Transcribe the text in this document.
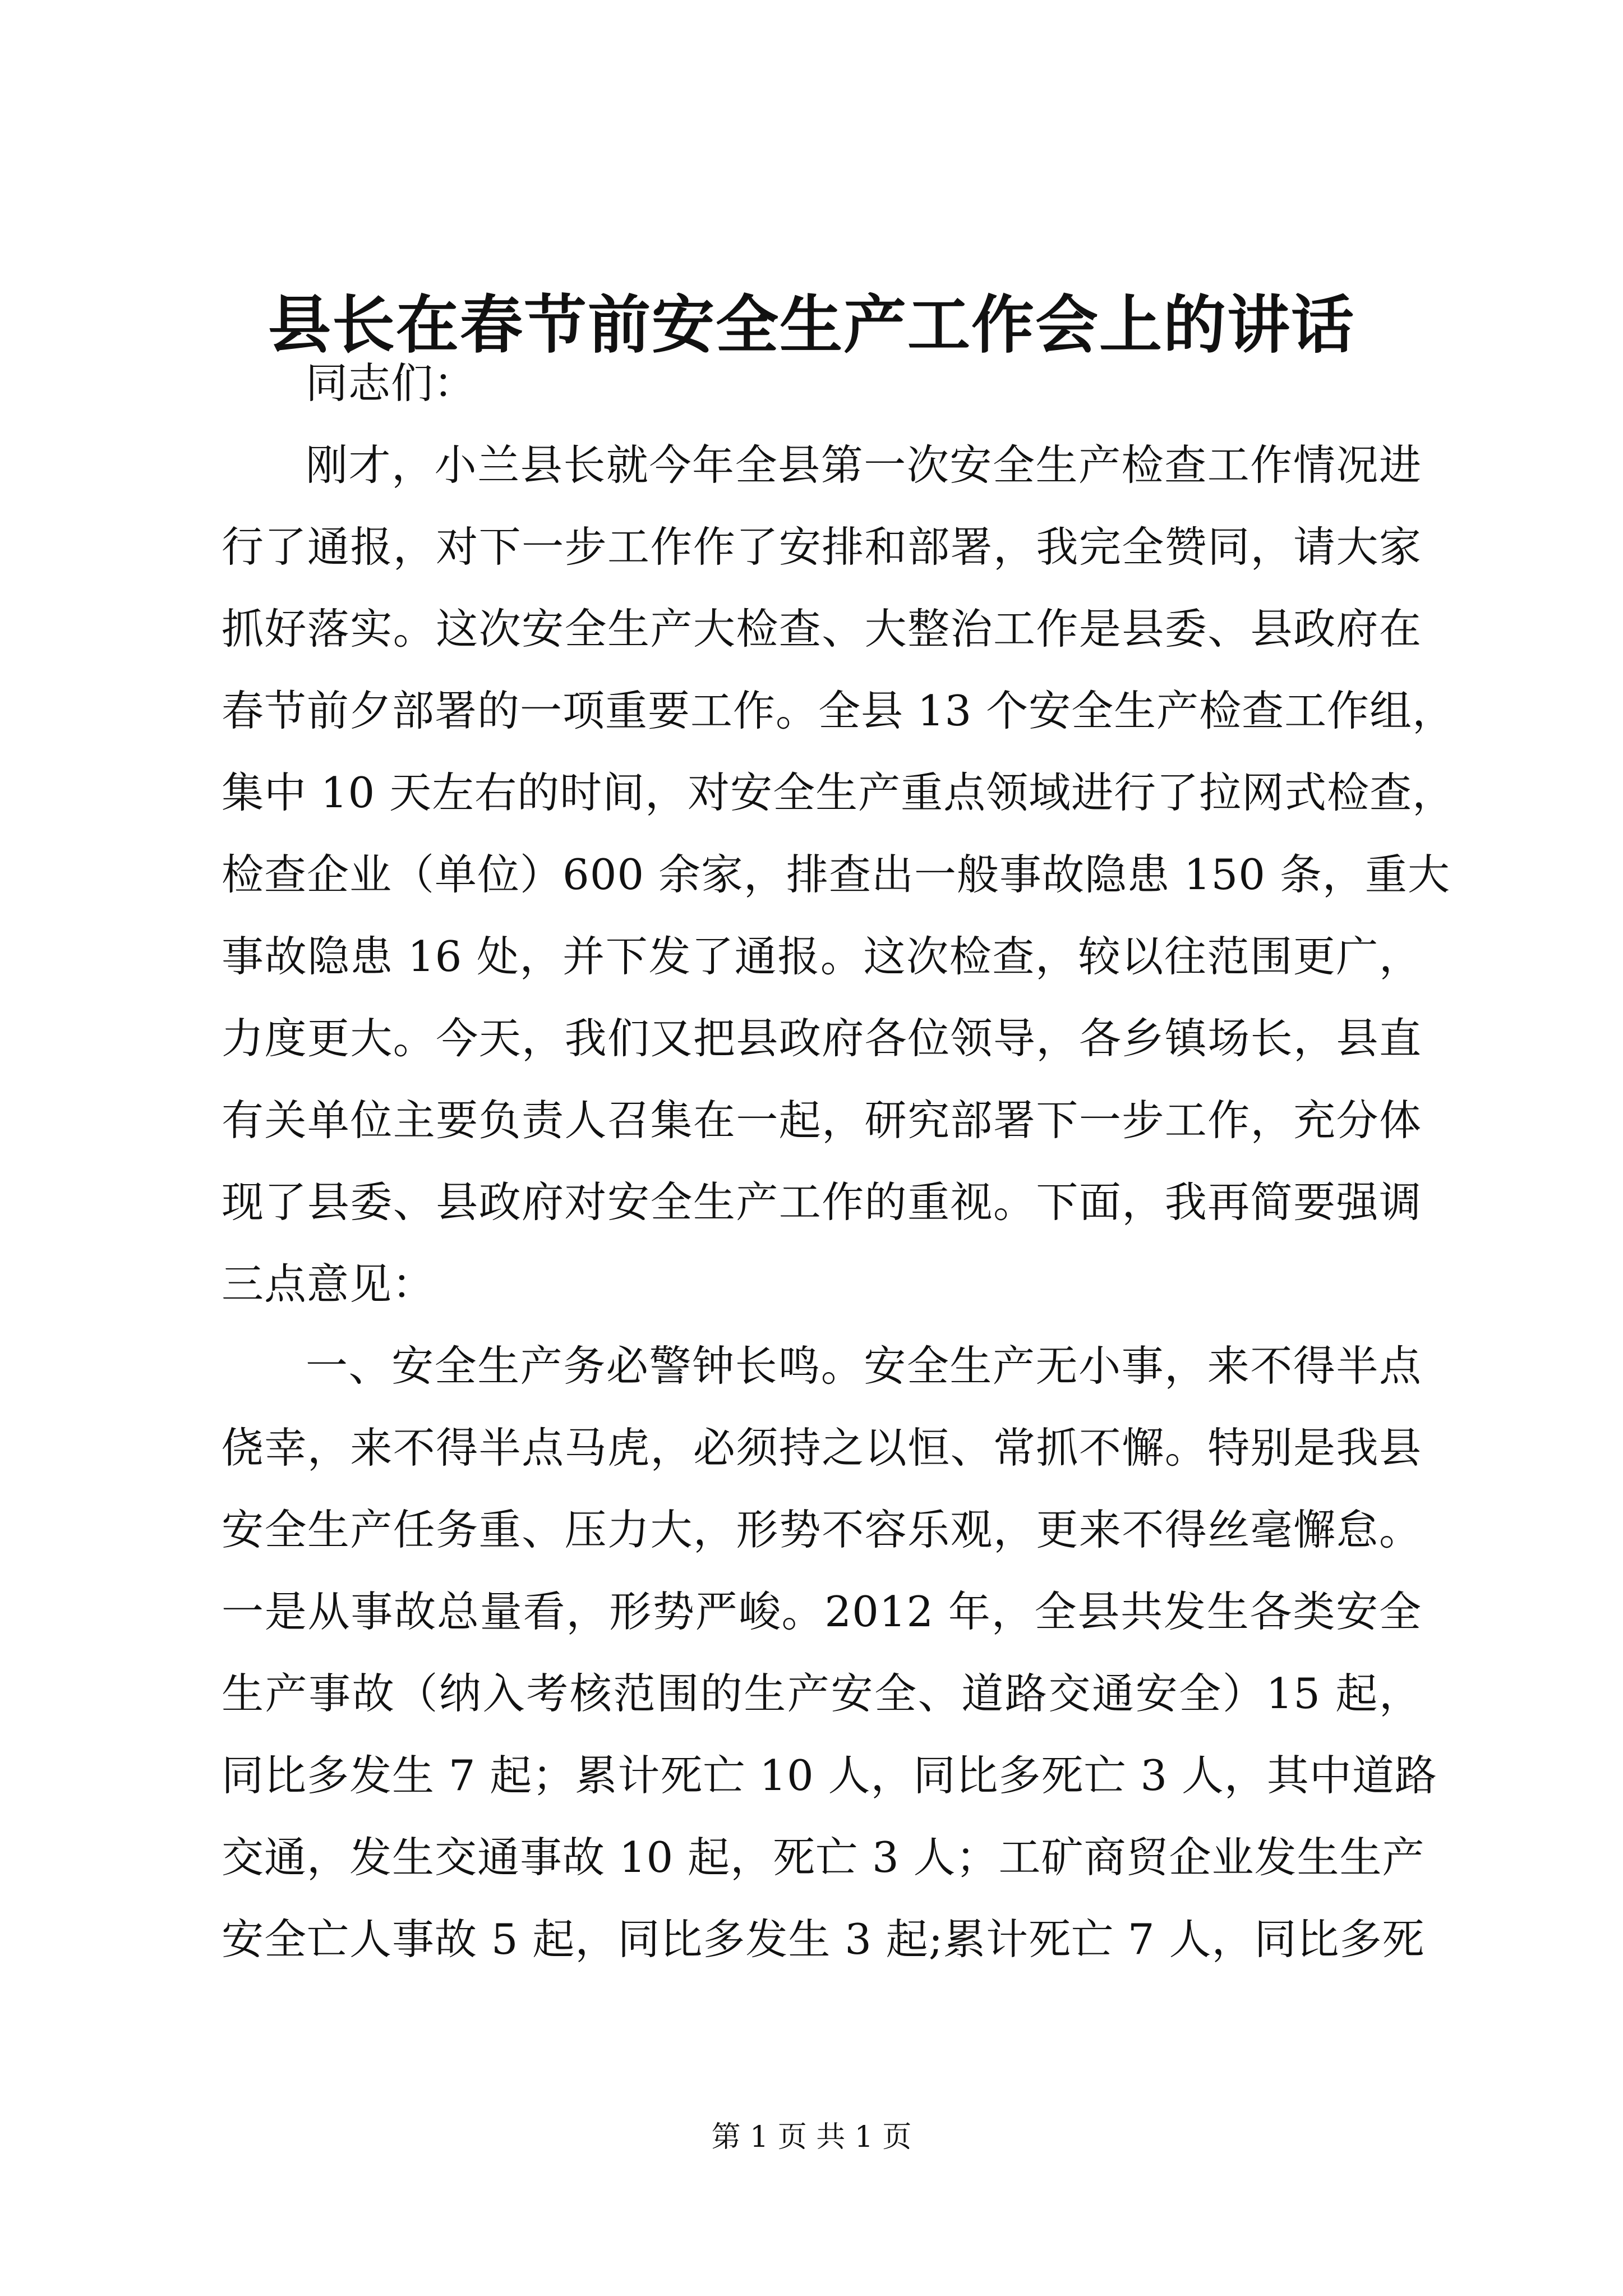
县长在春节前安全生产工作会上的讲话
同志们：
刚才，小兰县长就今年全县第一次安全生产检查工作情况进
行了通报，对下一步工作作了安排和部署，我完全赞同，请大家
抓好落实。这次安全生产大检查、大整治工作是县委、县政府在
春节前夕部署的一项重要工作。全县 13 个安全生产检查工作组，
集中 10 天左右的时间，对安全生产重点领域进行了拉网式检查，
检查企业（单位）600 余家，排查出一般事故隐患 150 条，重大
事故隐患 16 处，并下发了通报。这次检查，较以往范围更广，
力度更大。今天，我们又把县政府各位领导，各乡镇场长，县直
有关单位主要负责人召集在一起，研究部署下一步工作，充分体
现了县委、县政府对安全生产工作的重视。下面，我再简要强调
三点意见：
一、安全生产务必警钟长鸣。安全生产无小事，来不得半点
侥幸，来不得半点马虎，必须持之以恒、常抓不懈。特别是我县
安全生产任务重、压力大，形势不容乐观，更来不得丝毫懈怠。
一是从事故总量看，形势严峻。2012 年，全县共发生各类安全
生产事故（纳入考核范围的生产安全、道路交通安全）15 起，
同比多发生 7 起；累计死亡 10 人，同比多死亡 3 人，其中道路
交通，发生交通事故 10 起，死亡 3 人；工矿商贸企业发生生产
安全亡人事故 5 起，同比多发生 3 起;累计死亡 7 人，同比多死
第 1 页 共 1 页
